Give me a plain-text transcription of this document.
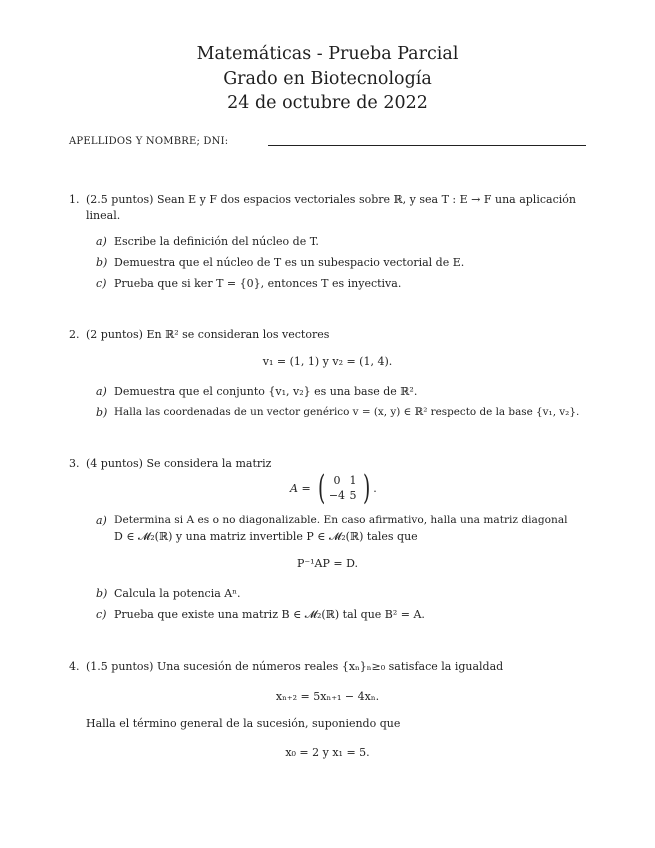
Matemáticas - Prueba Parcial
Grado en Biotecnología
24 de octubre de 2022
APELLIDOS Y NOMBRE; DNI:
1. (2.5 puntos) Sean E y F dos espacios vectoriales sobre ℝ, y sea T : E → F una aplicación
lineal.
a) Escribe la definición del núcleo de T.
b) Demuestra que el núcleo de T es un subespacio vectorial de E.
c) Prueba que si ker T = {0}, entonces T es inyectiva.
2. (2 puntos) En ℝ² se consideran los vectores
v₁ = (1, 1) y v₂ = (1, 4).
a) Demuestra que el conjunto {v₁, v₂} es una base de ℝ².
b) Halla las coordenadas de un vector genérico v = (x, y) ∈ ℝ² respecto de la base {v₁, v₂}.
3. (4 puntos) Se considera la matriz
A = ( 0 1
−4 5 ) .
a) Determina si A es o no diagonalizable. En caso afirmativo, halla una matriz diagonal
D ∈ 𝓜₂(ℝ) y una matriz invertible P ∈ 𝓜₂(ℝ) tales que
P⁻¹AP = D.
b) Calcula la potencia Aⁿ.
c) Prueba que existe una matriz B ∈ 𝓜₂(ℝ) tal que B² = A.
4. (1.5 puntos) Una sucesión de números reales {xₙ}ₙ≥₀ satisface la igualdad
xₙ₊₂ = 5xₙ₊₁ − 4xₙ.
Halla el término general de la sucesión, suponiendo que
x₀ = 2 y x₁ = 5.
